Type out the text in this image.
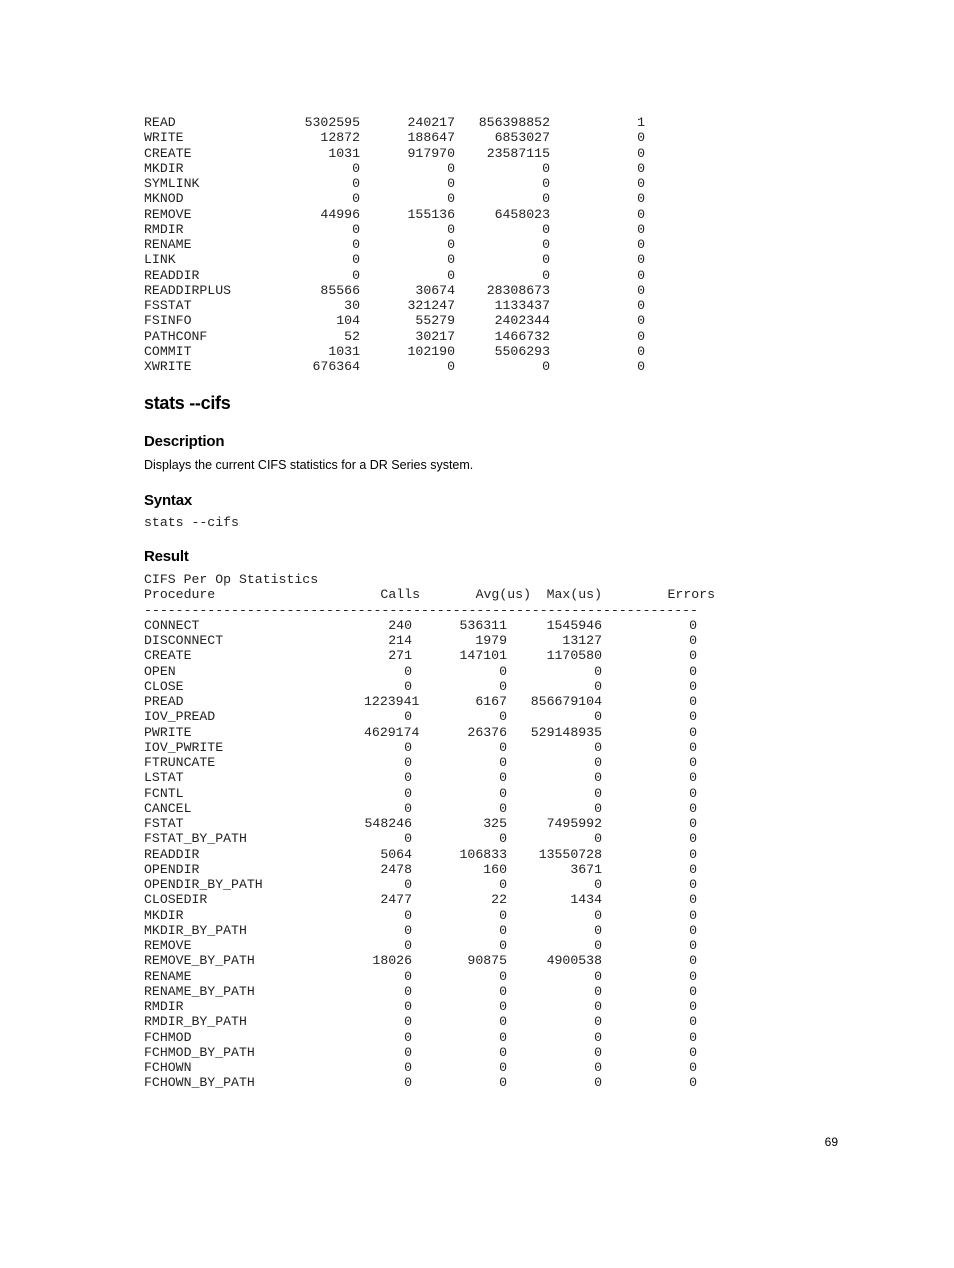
READ	5302595	240217 856398852	1
WRITE	12872	188647	6853027	0
CREATE	1031	917970 23587115	0
MKDIR	0	0	0	0
SYMLINK	0	0	0	0
MKNOD	0	0	0	0
REMOVE	44996	155136	6458023	0
RMDIR	0	0	0	0
RENAME	0	0	0	0
LINK	0	0	0	0
READDIR	0	0	0	0
READDIRPLUS	85566	30674 28308673	0
FSSTAT	30	321247	1133437	0
FSINFO	104	55279	2402344	0
PATHCONF	52	30217	1466732	0
COMMIT	1031	102190	5506293	0
XWRITE	676364	0	0	0
stats --cifs
Description

Displays the current CIFS statistics for a DR Series system.

Syntax
stats --cifs
Result
CIFS Per Op Statistics
Procedure	Calls	Avg(us) Max(us)	Errors
----------------------------------------------------------------------
CONNECT	240	536311	1545946	0
DISCONNECT	214	1979	13127	0
CREATE	271	147101	1170580	0
OPEN	0	0	0	0
CLOSE	0	0	0	0
PREAD	1223941	6167 856679104	0
IOV_PREAD	0	0	0	0
PWRITE	4629174	26376 529148935	0
IOV_PWRITE	0	0	0	0
FTRUNCATE	0	0	0	0
LSTAT	0	0	0	0
FCNTL	0	0	0	0
CANCEL	0	0	0	0
FSTAT	548246	325	7495992	0
FSTAT_BY_PATH	0	0	0	0
READDIR	5064	106833 13550728	0
OPENDIR	2478	160	3671	0
OPENDIR_BY_PATH	0	0	0	0
CLOSEDIR	2477	22	1434	0
MKDIR	0	0	0	0
MKDIR_BY_PATH	0	0	0	0
REMOVE	0	0	0	0
REMOVE_BY_PATH	18026	90875	4900538	0
RENAME	0	0	0	0
RENAME_BY_PATH	0	0	0	0
RMDIR	0	0	0	0
RMDIR_BY_PATH	0	0	0	0
FCHMOD	0	0	0	0
FCHMOD_BY_PATH	0	0	0	0
FCHOWN	0	0	0	0
FCHOWN_BY_PATH	0	0	0	0
69
